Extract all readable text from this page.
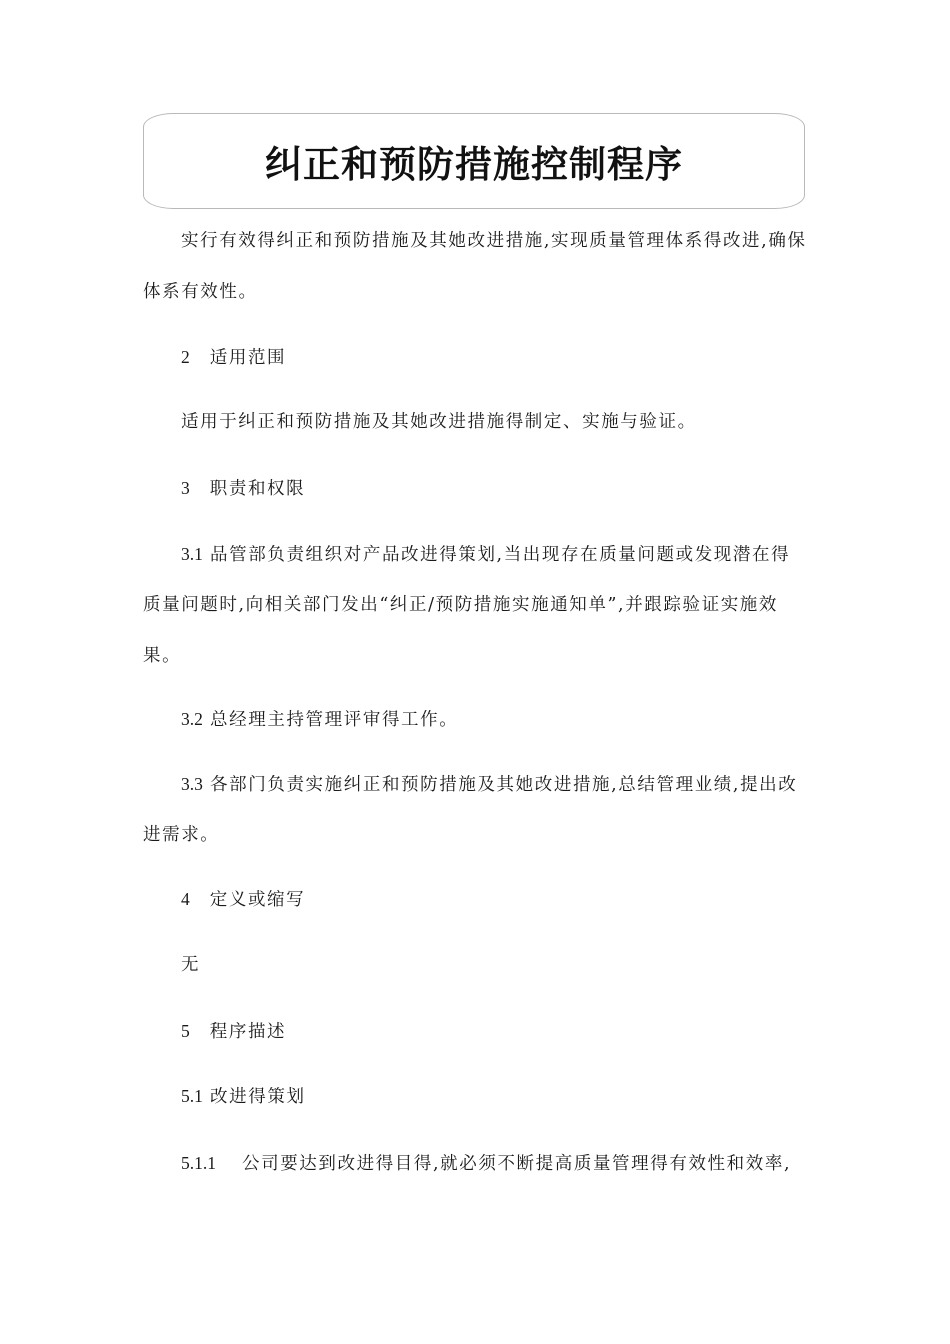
纠正和预防措施控制程序
实行有效得纠正和预防措施及其她改进措施,实现质量管理体系得改进,确保
体系有效性。
2 适用范围
适用于纠正和预防措施及其她改进措施得制定、实施与验证。
3 职责和权限
3.1 品管部负责组织对产品改进得策划,当出现存在质量问题或发现潜在得
质量问题时,向相关部门发出“纠正/预防措施实施通知单”,并跟踪验证实施效
果。
3.2 总经理主持管理评审得工作。
3.3 各部门负责实施纠正和预防措施及其她改进措施,总结管理业绩,提出改
进需求。
4 定义或缩写
无
5 程序描述
5.1 改进得策划
5.1.1 公司要达到改进得目得,就必须不断提高质量管理得有效性和效率,
